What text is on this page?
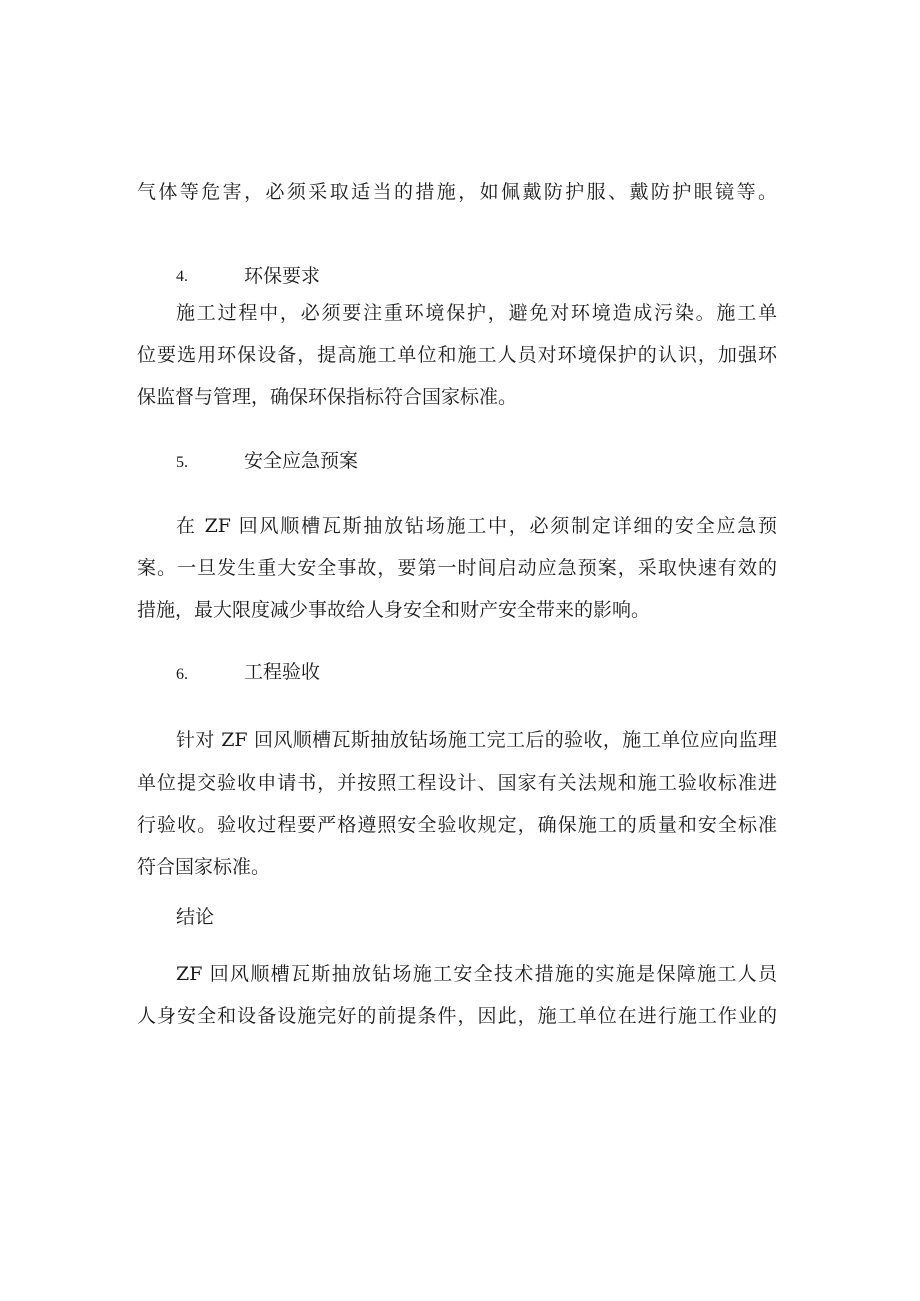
气体等危害，必须采取适当的措施，如佩戴防护服、戴防护眼镜等。

4.	环保要求

施工过程中，必须要注重环境保护，避免对环境造成污染。施工单

位要选用环保设备，提高施工单位和施工人员对环境保护的认识，加强环

保监督与管理，确保环保指标符合国家标准。

5.	安全应急预案

在 ZF 回风顺槽瓦斯抽放钻场施工中，必须制定详细的安全应急预

案。一旦发生重大安全事故，要第一时间启动应急预案，采取快速有效的

措施，最大限度减少事故给人身安全和财产安全带来的影响。

6.	工程验收

针对 ZF 回风顺槽瓦斯抽放钻场施工完工后的验收，施工单位应向监理

单位提交验收申请书，并按照工程设计、国家有关法规和施工验收标准进

行验收。验收过程要严格遵照安全验收规定，确保施工的质量和安全标准

符合国家标准。

结论

ZF 回风顺槽瓦斯抽放钻场施工安全技术措施的实施是保障施工人员

人身安全和设备设施完好的前提条件，因此，施工单位在进行施工作业的
